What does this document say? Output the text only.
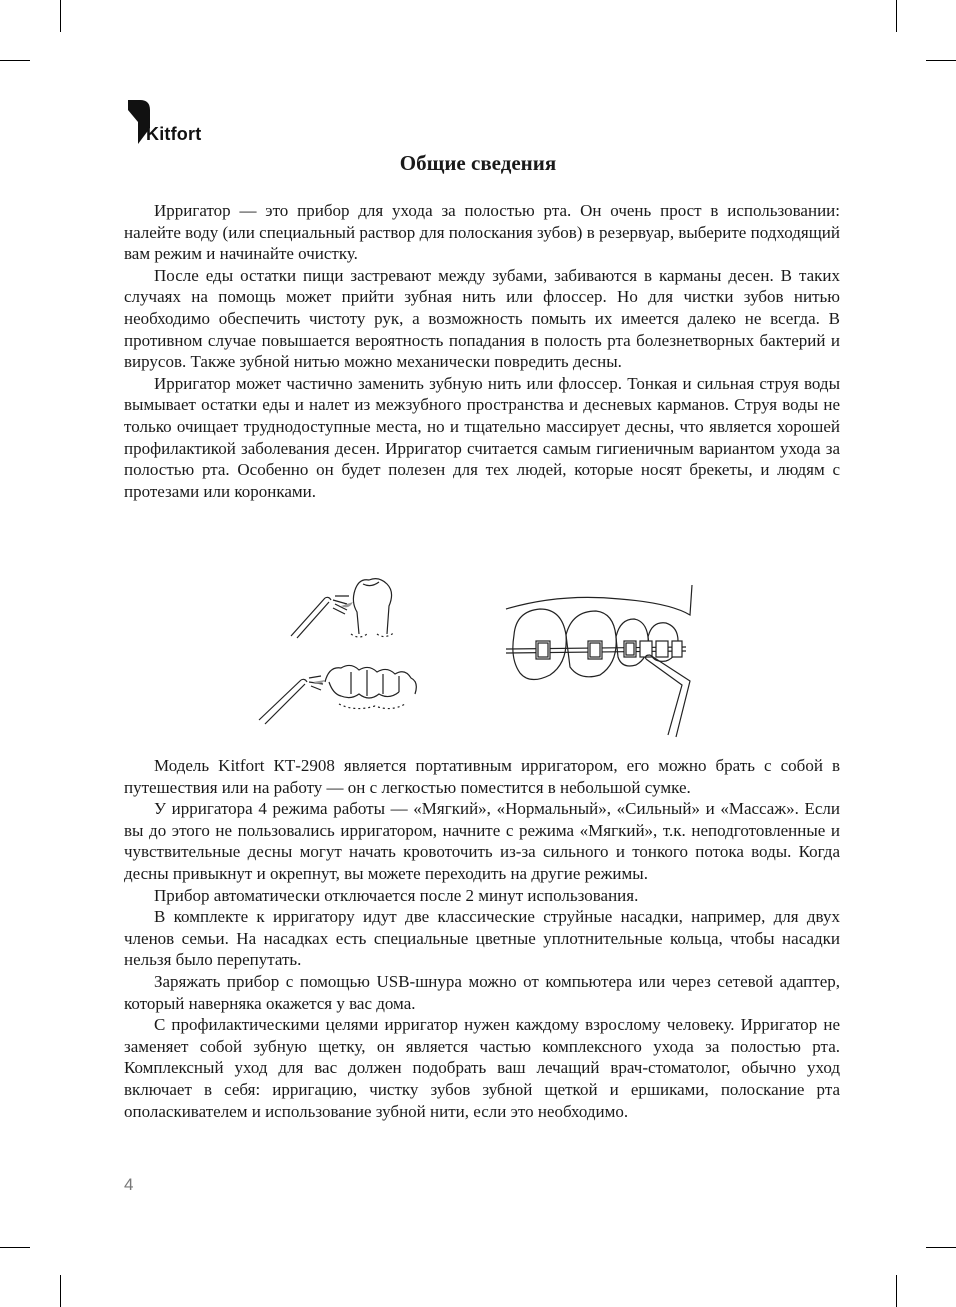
Kitfort
Общие сведения

Ирригатор — это прибор для ухода за полостью рта. Он очень прост в использовании: налейте воду (или специальный раствор для полоскания зубов) в резервуар, выберите подходящий вам режим и начинайте очистку.

После еды остатки пищи застревают между зубами, забиваются в карманы десен. В таких случаях на помощь может прийти зубная нить или флоссер. Но для чистки зубов нитью необходимо обеспечить чистоту рук, а возможность помыть их имеется далеко не всегда. В противном случае повышается вероятность попадания в полость рта болезнетворных бактерий и вирусов. Также зубной нитью можно механически повредить десны.

Ирригатор может частично заменить зубную нить или флоссер. Тонкая и сильная струя воды вымывает остатки еды и налет из межзубного пространства и десневых карманов. Струя воды не только очищает труднодоступные места, но и тщательно массирует десны, что является хорошей профилактикой заболевания десен. Ирригатор считается самым гигиеничным вариантом ухода за полостью рта. Особенно он будет полезен для тех людей, которые носят брекеты, и людям с протезами или коронками.

Модель Kitfort КТ-2908 является портативным ирригатором, его можно брать с собой в путешествия или на работу — он с легкостью поместится в небольшой сумке.

У ирригатора 4 режима работы — «Мягкий», «Нормальный», «Сильный» и «Массаж». Если вы до этого не пользовались ирригатором, начните с режима «Мягкий», т.к. неподготовленные и чувствительные десны могут начать кровоточить из-за сильного и тонкого потока воды. Когда десны привыкнут и окрепнут, вы можете переходить на другие режимы.

Прибор автоматически отключается после 2 минут использования.

В комплекте к ирригатору идут две классические струйные насадки, например, для двух членов семьи. На насадках есть специальные цветные уплотнительные кольца, чтобы насадки нельзя было перепутать.

Заряжать прибор с помощью USB-шнура можно от компьютера или через сетевой адаптер, который наверняка окажется у вас дома.

С профилактическими целями ирригатор нужен каждому взрослому человеку. Ирригатор не заменяет собой зубную щетку, он является частью комплексного ухода за полостью рта. Комплексный уход для вас должен подобрать ваш лечащий врач-стоматолог, обычно уход включает в себя: ирригацию, чистку зубов зубной щеткой и ершиками, полоскание рта ополаскивателем и использование зубной нити, если это необходимо.

4
